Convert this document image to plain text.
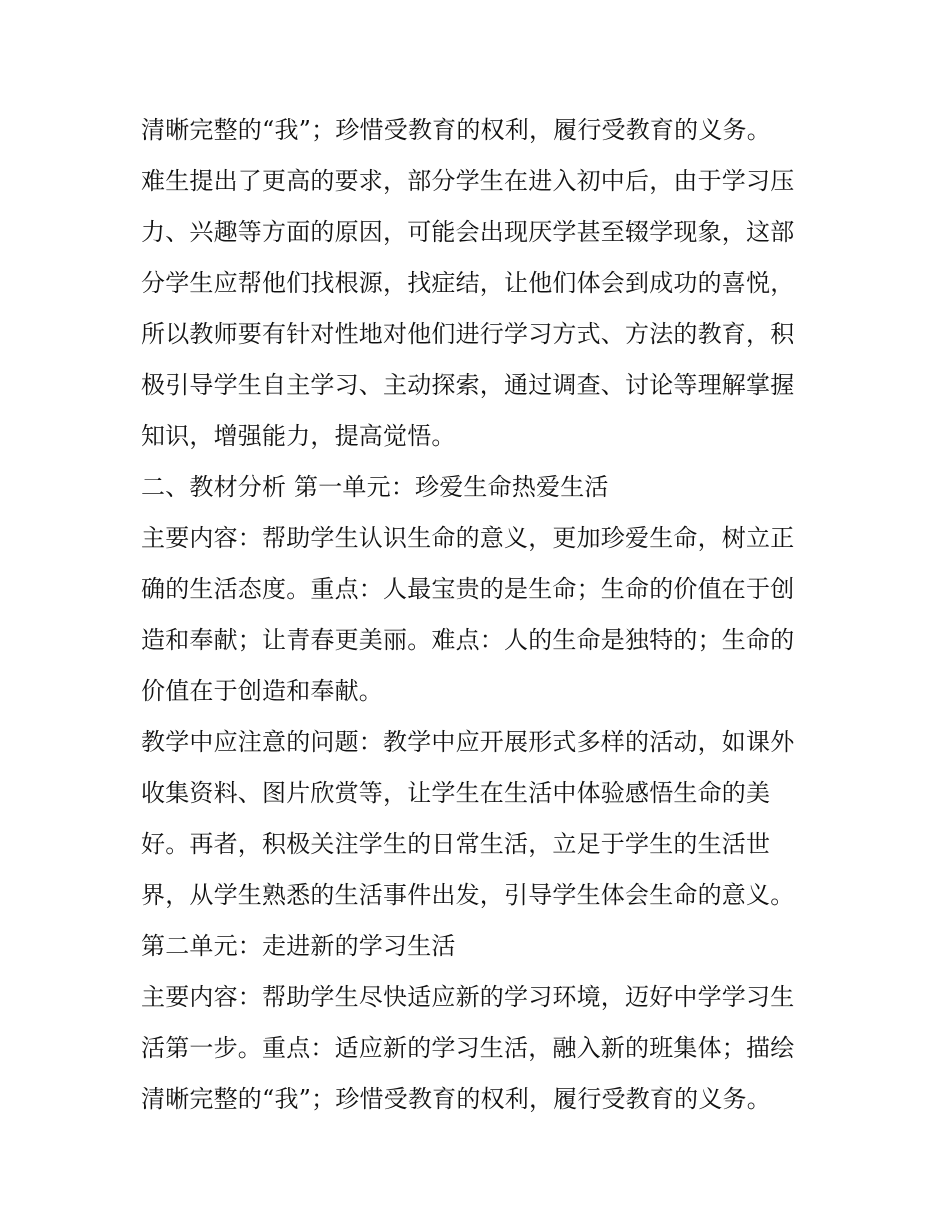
清晰完整的“我”；珍惜受教育的权利，履行受教育的义务。
难生提出了更高的要求，部分学生在进入初中后，由于学习压
力、兴趣等方面的原因，可能会出现厌学甚至辍学现象，这部
分学生应帮他们找根源，找症结，让他们体会到成功的喜悦，
所以教师要有针对性地对他们进行学习方式、方法的教育，积
极引导学生自主学习、主动探索，通过调查、讨论等理解掌握
知识，增强能力，提高觉悟。
二、教材分析 第一单元：珍爱生命热爱生活
主要内容：帮助学生认识生命的意义，更加珍爱生命，树立正
确的生活态度。重点：人最宝贵的是生命；生命的价值在于创
造和奉献；让青春更美丽。难点：人的生命是独特的；生命的
价值在于创造和奉献。
教学中应注意的问题：教学中应开展形式多样的活动，如课外
收集资料、图片欣赏等，让学生在生活中体验感悟生命的美
好。再者，积极关注学生的日常生活，立足于学生的生活世
界，从学生熟悉的生活事件出发，引导学生体会生命的意义。
第二单元：走进新的学习生活
主要内容：帮助学生尽快适应新的学习环境，迈好中学学习生
活第一步。重点：适应新的学习生活，融入新的班集体；描绘
清晰完整的“我”；珍惜受教育的权利，履行受教育的义务。
